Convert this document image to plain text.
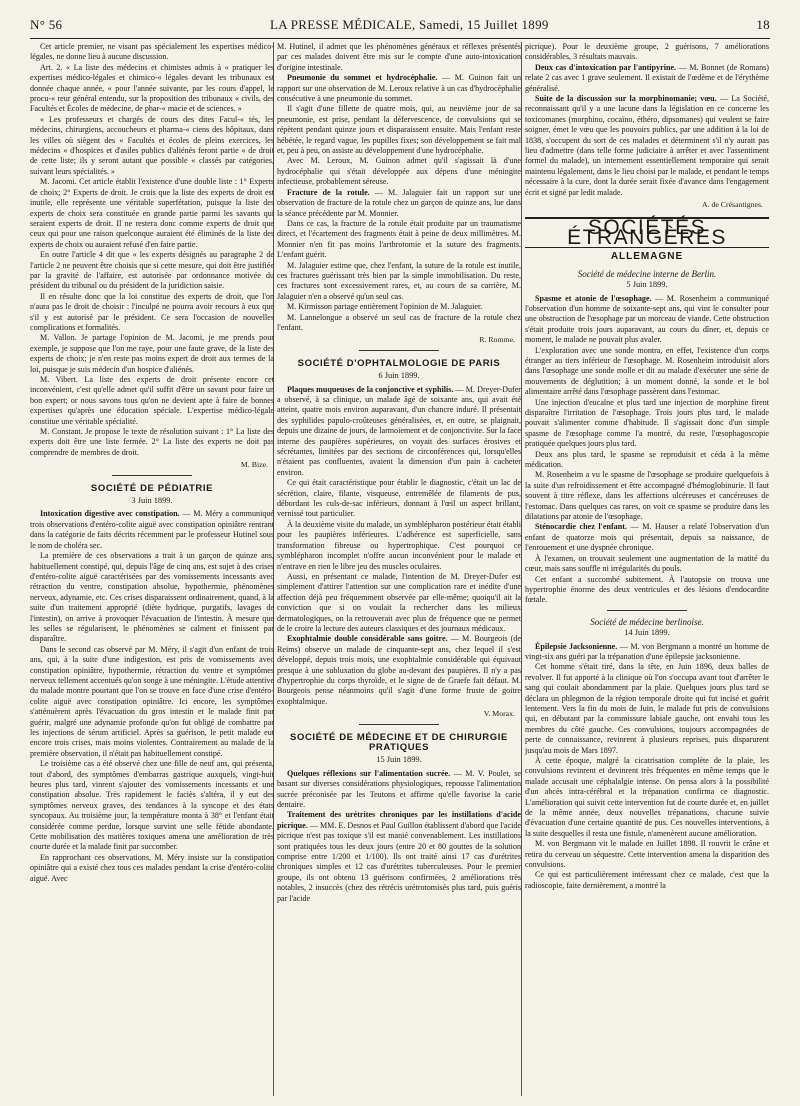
N° 56	LA PRESSE MÉDICALE, Samedi, 15 Juillet 1899	18

Cet article premier, ne visant pas spécialement les expertises médico-légales, ne donne lieu à aucune discussion.

Art. 2. « La liste des médecins et chimistes admis à « pratiquer les expertises médico-légales et chimico-« légales devant les tribunaux est donnée chaque année, « pour l'année suivante, par les cours d'appel, le procu-« reur général entendu, sur la proposition des tribunaux « civils, des Facultés et Écoles de médecine, de phar-« macie et de sciences. »

« Les professeurs et chargés de cours des dites Facul-« tés, les médecins, chirurgiens, accoucheurs et pharma-« ciens des hôpitaux, dans les villes où siègent des « Facultés et écoles de pleins exercices, les médecins « d'hospices et d'asiles publics d'aliénés feront partie « de droit de cette liste; ils y seront autant que possible « classés par catégories, suivant leurs spécialités. »

M. Jacomi. Cet article établit l'existence d'une double liste : 1° Experts de choix; 2° Experts de droit. Je crois que la liste des experts de droit est inutile, elle représente une véritable superfétation, puisque la liste des experts de choix sera constituée en grande partie parmi les savants qui seraient experts de droit. Il ne restera donc comme experts de droit que ceux qui pour une raison quelconque auraient été éliminés de la liste des experts de choix ou auraient refusé d'en faire partie.

En outre l'article 4 dit que « les experts désignés au paragraphe 2 de l'article 2 ne peuvent être choisis que si cette mesure, qui doit être justifiée par la gravité de l'affaire, est autorisée par ordonnance motivée du président du tribunal ou du président de la juridiction saisie.

Il en résulte donc que la loi constitue des experts de droit, que l'on n'aura pas le droit de choisir : l'inculpé ne pourra avoir recours à eux que s'il y est autorisé par le président. Ce sera l'occasion de nouvelles complications et formalités.

M. Vallon. Je partage l'opinion de M. Jacomi, je me prends pour exemple, je suppose que l'on me raye, pour une faute grave, de la liste des experts de choix; je n'en reste pas moins expert de droit aux termes de la loi, puisque je suis médecin d'un hospice d'aliénés.

M. Vibert. La liste des experts de droit présente encore cet inconvénient, c'est qu'elle admet qu'il suffit d'être un savant pour faire un bon expert; or nous savons tous qu'on ne devient apte à faire de bonnes expertises qu'après une éducation spéciale. L'expertise médico-légale constitue une véritable spécialité.

M. Constant. Je propose le texte de résolution suivant : 1° La liste des experts doit être une liste fermée. 2° La liste des experts ne doit pas comprendre de membres de droit.

M. Bize.
SOCIÉTÉ DE PÉDIATRIE
3 Juin 1899.

Intoxication digestive avec constipation. — M. Méry a communiqué trois observations d'entéro-colite aiguë avec constipation opiniâtre rentrant dans la catégorie de faits décrits récemment par le professeur Hutinel sous le nom de choléra sec.

La première de ces observations a trait à un garçon de quinze ans, habituellement constipé, qui, depuis l'âge de cinq ans, est sujet à des crises d'entéro-colite aiguë caractérisées par des vomissements incessants avec rétraction du ventre, constipation absolue, hypothermie, phénomènes nerveux, adynamie, etc. Ces crises disparaissent ordinairement, quand, à la suite d'un traitement approprié (diète hydrique, purgatifs, lavages de l'intestin), on arrive à provoquer l'évacuation de l'intestin. À mesure que les selles se régularisent, le phénomènes se calment et finissent par disparaître.

Dans le second cas observé par M. Méry, il s'agit d'un enfant de trois ans, qui, à la suite d'une indigestion, est pris de vomissements avec constipation opiniâtre, hypothermie, rétraction du ventre et symptômes nerveux tellement accentués qu'on songe à une méningite. L'étude attentive du malade montre pourtant que l'on se trouve en face d'une crise d'entéro-colite aiguë avec constipation opiniâtre. Ici encore, les symptômes s'atténuèrent après l'évacuation du gros intestin et le malade finit par guérir, malgré une adynamie profonde qu'on fut obligé de combattre par les injections de sérum artificiel. Après sa guérison, le petit malade eut encore trois crises, mais moins violentes. Contrairement au malade de la première observation, il n'était pas habituellement constipé.

Le troisième cas a été observé chez une fille de neuf ans, qui présenta, tout d'abord, des symptômes d'embarras gastrique auxquels, vingt-huit heures plus tard, vinrent s'ajouter des vomissements incessants et une constipation absolue. Très rapidement le faciès s'altéra, il y eut des symptômes nerveux graves, des tendances à la syncope et des états syncopaux. Au troisième jour, la température monta à 38° et l'enfant était considérée comme perdue, lorsque survint une selle fétide abondante. Cette mobilisation des matières toxiques amena une amélioration de très courte durée et la malade finit par succomber.

En rapprochant ces observations, M. Méry insiste sur la constipation opiniâtre qui a existé chez tous ces malades pendant la crise d'entéro-colite aiguë. Avec

M. Hutinel, il admet que les phénomènes généraux et réflexes présentés par ces malades doivent être mis sur le compte d'une auto-intoxication d'origine intestinale.

Pneumonie du sommet et hydrocéphalie. — M. Guinon fait un rapport sur une observation de M. Leroux relative à un cas d'hydrocéphalie consécutive à une pneumonie du sommet.

Il s'agit d'une fillette de quatre mois, qui, au neuvième jour de sa pneumonie, est prise, pendant la défervescence, de convulsions qui se répètent pendant quinze jours et disparaissent ensuite. Mais l'enfant reste hébétée, le regard vague, les pupilles fixes; son développement se fait mal et, peu à peu, on assiste au développement d'une hydrocéphalie.

Avec M. Leroux, M. Guinon admet qu'il s'agissait là d'une hydrocéphalie qui s'était développée aux dépens d'une méningite infectieuse, probablement séreuse.

Fracture de la rotule. — M. Jalaguier fait un rapport sur une observation de fracture de la rotule chez un garçon de quinze ans, lue dans la séance précédente par M. Monnier.

Dans ce cas, la fracture de la rotule était produite par un traumatisme direct, et l'écartement des fragments était à peine de deux millimètres. M. Monnier n'en fit pas moins l'arthrotomie et la suture des fragments. L'enfant guérit.

M. Jalaguier estime que, chez l'enfant, la suture de la rotule est inutile, ces fractures guérissant très bien par la simple immobilisation. Du reste, ces fractures sont excessivement rares, et, au cours de sa carrière, M. Jalaguier n'en a observé qu'un seul cas.

M. Kirmisson partage entièrement l'opinion de M. Jalaguier.

M. Lannelongue a observé un seul cas de fracture de la rotule chez l'enfant.

R. Romme.
SOCIÉTÉ D'OPHTALMOLOGIE DE PARIS
6 Juin 1899.

Plaques muqueuses de la conjonctive et syphilis. — M. Dreyer-Dufer a observé, à sa clinique, un malade âgé de soixante ans, qui avait été atteint, quatre mois environ auparavant, d'un chancre induré. Il présentait des syphilides papulo-croûteuses généralisées, et, en outre, se plaignait, depuis une dizaine de jours, de larmoiement et de conjonctivite. Sur la face interne des paupières supérieures, on voyait des surfaces érosives et sécrétantes, limitées par des sections de circonférences qui, lorsqu'elles n'étaient pas confluentes, avaient la dimension d'un pain à cacheter environ.

Ce qui était caractéristique pour établir le diagnostic, c'était un lac de sécrétion, claire, filante, visqueuse, entremêlée de filaments de pus, débordant les culs-de-sac inférieurs, donnant à l'œil un aspect brillant, vernissé tout particulier.

À la deuxième visite du malade, un symblépharon postérieur était établi pour les paupières inférieures. L'adhérence est superficielle, sans transformation fibreuse ou hypertrophique. C'est pourquoi ce symblépharon incomplet n'offre aucun inconvénient pour le malade et n'entrave en rien le libre jeu des muscles oculaires.

Aussi, en présentant ce malade, l'intention de M. Dreyer-Dufer est simplement d'attirer l'attention sur une complication rare et inédite d'une affection déjà peu fréquemment observée par elle-même; quoiqu'il ait la conviction que si on voulait la rechercher dans les milieux dermatologiques, on la retrouverait avec plus de fréquence que ne permet de le croire la lecture des auteurs classiques et des journaux médicaux.

Exophtalmie double considérable sans goitre. — M. Bourgeois (de Reims) observe un malade de cinquante-sept ans, chez lequel il s'est développé, depuis trois mois, une exophtalmie considérable qui équivaut presque à une subluxation du globe au-devant des paupières. Il n'y a pas d'hypertrophie du corps thyroïde, et le signe de de Graefe fait défaut. M. Bourgeois pense néanmoins qu'il s'agit d'une forme fruste de goitre exophtalmique.

V. Morax.
SOCIÉTÉ DE MÉDECINE ET DE CHIRURGIE PRATIQUES
15 Juin 1899.

Quelques réflexions sur l'alimentation sucrée. — M. V. Poulet, se basant sur diverses considérations physiologiques, repousse l'alimentation sucrée préconisée par les Teutons et affirme qu'elle favorise la carie dentaire.

Traitement des urétrites chroniques par les instillations d'acide picrique. — MM. E. Desnos et Paul Guillon établissent d'abord que l'acide picrique n'est pas toxique s'il est manié convenablement. Les instillations sont pratiquées tous les deux jours (entre 20 et 80 gouttes de la solution comprise entre 1/200 et 1/100). Ils ont traité ainsi 17 cas d'urétrites chroniques simples et 12 cas d'urétrites tuberculeuses. Pour le premier groupe, ils ont obtenu 13 guérisons confirmées, 2 améliorations très notables, 2 insuccès (chez des rétrécis urétrotomisés plus tard, puis guéris par l'acide

picrique). Pour le deuxième groupe, 2 guérisons, 7 améliorations considérables, 3 résultats mauvais.

Deux cas d'intoxication par l'antipyrine. — M. Bonnet (de Romans) relate 2 cas avec 1 grave seulement. Il existait de l'œdème et de l'érythème généralisé.

Suite de la discussion sur la morphinomanie; vœu. — La Société, reconnaissant qu'il y a une lacune dans la législation en ce concerne les toxicomanes (morphino, cocaïno, éthéro, dipsomanes) qui veulent se faire soigner, émet le vœu que les pouvoirs publics, par une addition à la loi de 1838, s'occupent du sort de ces malades et déterminent s'il n'y aurait pas lieu d'admettre (dans telle forme judiciaire à arrêter et avec l'assentiment formel du malade), un internement essentiellement temporaire qui serait maintenu légalement, dans le lieu choisi par le malade, et pendant le temps nécessaire à la cure, dont la durée serait fixée d'avance dans l'engagement écrit et signé par ledit malade.

A. de Crésantignes.
SOCIÉTÉS ÉTRANGÈRES
ALLEMAGNE
Société de médecine interne de Berlin.
5 Juin 1899.

Spasme et atonie de l'œsophage. — M. Rosenheim a communiqué l'observation d'un homme de soixante-sept ans, qui vint le consulter pour une obstruction de l'œsophage par un morceau de viande. Cette obstruction s'était produite trois jours auparavant, au cours du dîner, et, depuis ce moment, le malade ne pouvait plus avaler.

L'exploration avec une sonde montra, en effet, l'existence d'un corps étranger au tiers inférieur de l'œsophage. M. Rosenheim introduisit alors dans l'œsophage une sonde molle et dit au malade d'exécuter une série de mouvements de déglutition; à un moment donné, la sonde et le bol alimentaire arrêté dans l'œsophage passèrent dans l'estomac.

Une injection d'eucaïne et plus tard une injection de morphine firent disparaître l'irritation de l'œsophage. Trois jours plus tard, le malade pouvait s'alimenter comme d'habitude. Il s'agissait donc d'un simple spasme de l'œsophage comme l'a montré, du reste, l'œsophagoscopie pratiquée quelques jours plus tard.

Deux ans plus tard, le spasme se reproduisit et céda à la même médication.

M. Rosenheim a vu le spasme de l'œsophage se produire quelquefois à la suite d'un refroidissement et être accompagné d'hémoglobinurie. Il faut souvent à titre réflexe, dans les affections ulcéreuses et cancéreuses de l'estomac. Dans quelques cas rares, on voit ce spasme se produire dans les dilatations par atonie de l'œsophage.

Sténocardie chez l'enfant. — M. Hauser a relaté l'observation d'un enfant de quatorze mois qui présentait, depuis sa naissance, de l'enrouement et une dyspnée chronique.

À l'examen, on trouvait seulement une augmentation de la matité du cœur, mais sans souffle ni irrégularités du pouls.

Cet enfant a succombé subitement. À l'autopsie on trouva une hypertrophie énorme des deux ventricules et des lésions d'endocardite fœtale.

Société de médecine berlinoise.
14 Juin 1899.

Épilepsie Jacksonienne. — M. von Bergmann a montré un homme de vingt-six ans guéri par la trépanation d'une épilepsie jacksonienne.

Cet homme s'était tiré, dans la tête, en Juin 1896, deux balles de revolver. Il fut apporté à la clinique où l'on s'occupa avant tout d'arrêter le sang qui coulait abondamment par la plaie. Quelques jours plus tard se déclara un phlegmon de la région temporale droite qui fut incisé et guérit lentement. Vers la fin du mois de Juin, le malade fut pris de convulsions qui, en débutant par la commissure labiale gauche, ont envahi tous les membres du côté gauche. Ces convulsions, toujours accompagnées de perte de connaissance, revinrent à plusieurs reprises, puis disparurent jusqu'au mois de Mars 1897.

À cette époque, malgré la cicatrisation complète de la plaie, les convulsions revinrent et devinrent très fréquentes en même temps que le malade accusait une céphalalgie intense. On pensa alors à la possibilité d'un abcès intra-cérébral et la trépanation confirma ce diagnostic. L'amélioration qui suivit cette intervention fut de courte durée et, en juillet de la même année, deux nouvelles trépanations, chacune suivie d'évacuation d'une certaine quantité de pus. Ces nouvelles interventions, à la suite desquelles il resta une fistule, n'amenèrent aucune amélioration.

M. von Bergmann vit le malade en Juillet 1898. Il rouvrit le crâne et retira du cerveau un séquestre. Cette intervention amena la disparition des convulsions.

Ce qui est particulièrement intéressant chez ce malade, c'est que la radioscopie, faite dernièrement, a montré la
